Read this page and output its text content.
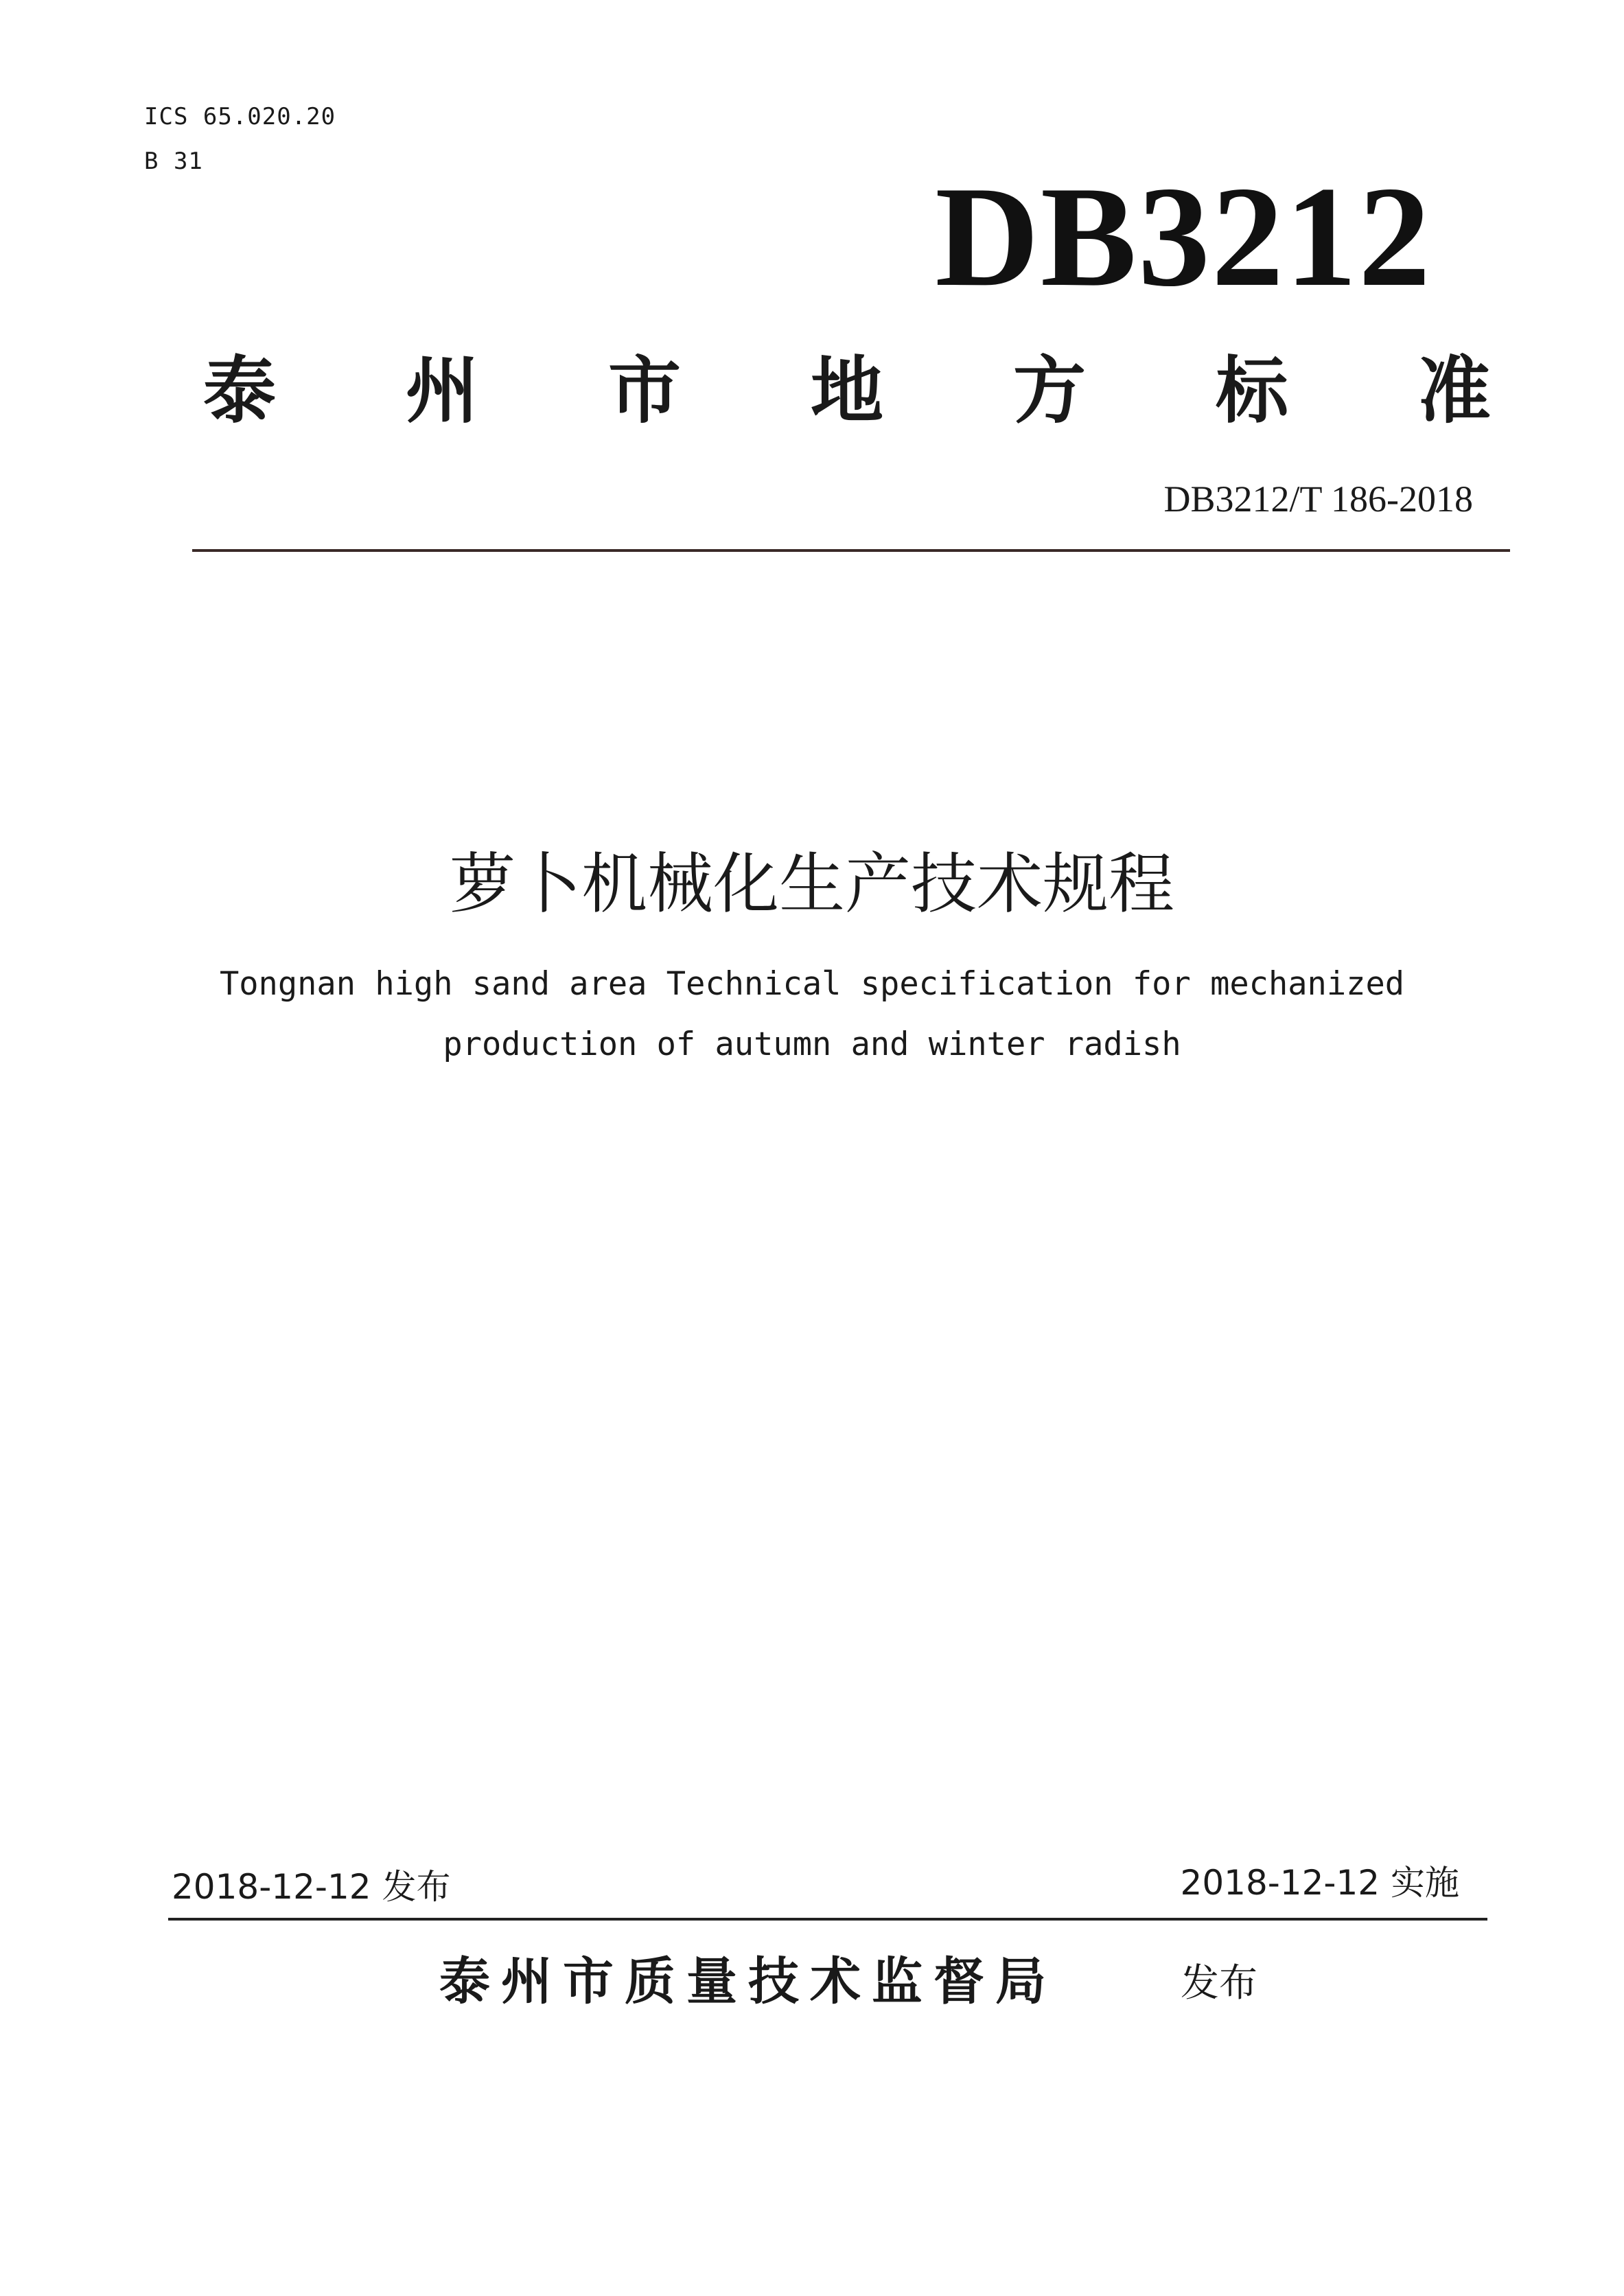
ICS 65.020.20
B 31	DB3212
泰 州 市 地 方 标 准
DB3212/T 186-2018
萝卜机械化生产技术规程
Tongnan high sand area Technical specification for mechanized
production of autumn and winter radish
2018-12-12 发布	2018-12-12 实施
泰州市质量技术监督局	发布
